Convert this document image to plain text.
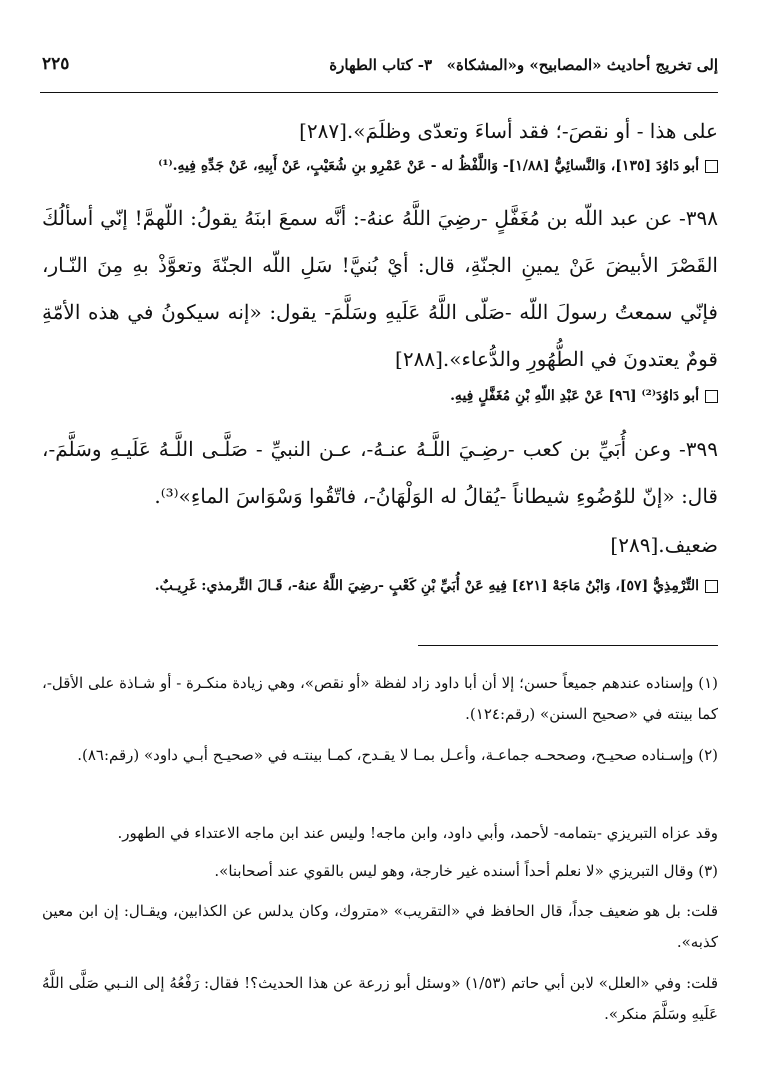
إلى تخريج أحاديث «المصابيح» و«المشكاة»
٣- كتاب الطهارة
٢٢٥
على هذا - أو نقصَ-؛ فقد أساءَ وتعدّى وظلَمَ».[٢٨٧]
أبو دَاوُدَ [١٣٥]، وَالنَّسائِيُّ [١/٨٨]- وَاللَّفْظُ له - عَنْ عَمْرِو بنِ شُعَيْبٍ، عَنْ أَبِيهِ، عَنْ جَدِّهِ فِيهِ.⁽¹⁾
٣٩٨- عن عبد اللّه بن مُغَفَّلٍ -رضِيَ اللَّهُ عنهُ-: أنَّه سمعَ ابنَهُ يقولُ: اللّهمَّ! إنّي أسألُكَ القَصْرَ الأبيضَ عَنْ يمينِ الجنّةِ، قال: أيْ بُنيَّ! سَلِ اللّه الجنّةَ وتعوَّذْ بهِ مِنَ النّـار، فإنّي سمعتُ رسولَ اللّه -صَلّى اللَّهُ عَلَيهِ وسَلَّمَ- يقول: «إنه سيكونُ في هذه الأمّةِ قومٌ يعتدونَ في الطُّهُورِ والدُّعاء».[٢٨٨]
أبو دَاوُدَ⁽²⁾ [٩٦] عَنْ عَبْدِ اللّهِ بْنِ مُغَفَّلٍ فِيهِ.
٣٩٩- وعن أُبَيِّ بن كعب -رضِـيَ اللَّـهُ عنـهُ-، عـن النبيِّ - صَلَّـى اللَّـهُ عَلَيـهِ وسَلَّمَ-، قال: «إنّ للوُضُوءِ شيطاناً -يُقالُ له الوَلْهَانُ-، فاتّقُوا وَسْوَاسَ الماءِ»⁽³⁾.
ضعيف.[٢٨٩]
التِّرْمِذِيُّ [٥٧]، وَابْنُ مَاجَهْ [٤٢١] فِيهِ عَنْ أُبَيِّ بْنِ كَعْبٍ -رضِيَ اللَّهُ عنهُ-، قَـالَ التِّرمذي: غَرِيـبٌ.
(١) وإسناده عندهم جميعاً حسن؛ إلا أن أبا داود زاد لفظة «أو نقص»، وهي زيادة منكـرة - أو شـاذة على الأقل-، كما بينته في «صحيح السنن» (رقم:١٢٤).
(٢) وإسـناده صحيـح، وصححـه جماعـة، وأعـل بمـا لا يقـدح، كمـا بينتـه في «صحيـح أبـي داود» (رقم:٨٦).
وقد عزاه التبريزي -بتمامه- لأحمد، وأبي داود، وابن ماجه! وليس عند ابن ماجه الاعتداء في الطهور.
(٣) وقال التبريزي «لا نعلم أحداً أسنده غير خارجة، وهو ليس بالقوي عند أصحابنا».
قلت: بل هو ضعيف جداً، قال الحافظ في «التقريب» «متروك، وكان يدلس عن الكذابين، ويقـال: إن ابن معين كذبه».
قلت: وفي «العلل» لابن أبي حاتم (١/٥٣) «وسئل أبو زرعة عن هذا الحديث؟! فقال: رَفْعُهُ إلى النـبي صَلَّى اللَّهُ عَلَيهِ وسَلَّمَ منكر».
